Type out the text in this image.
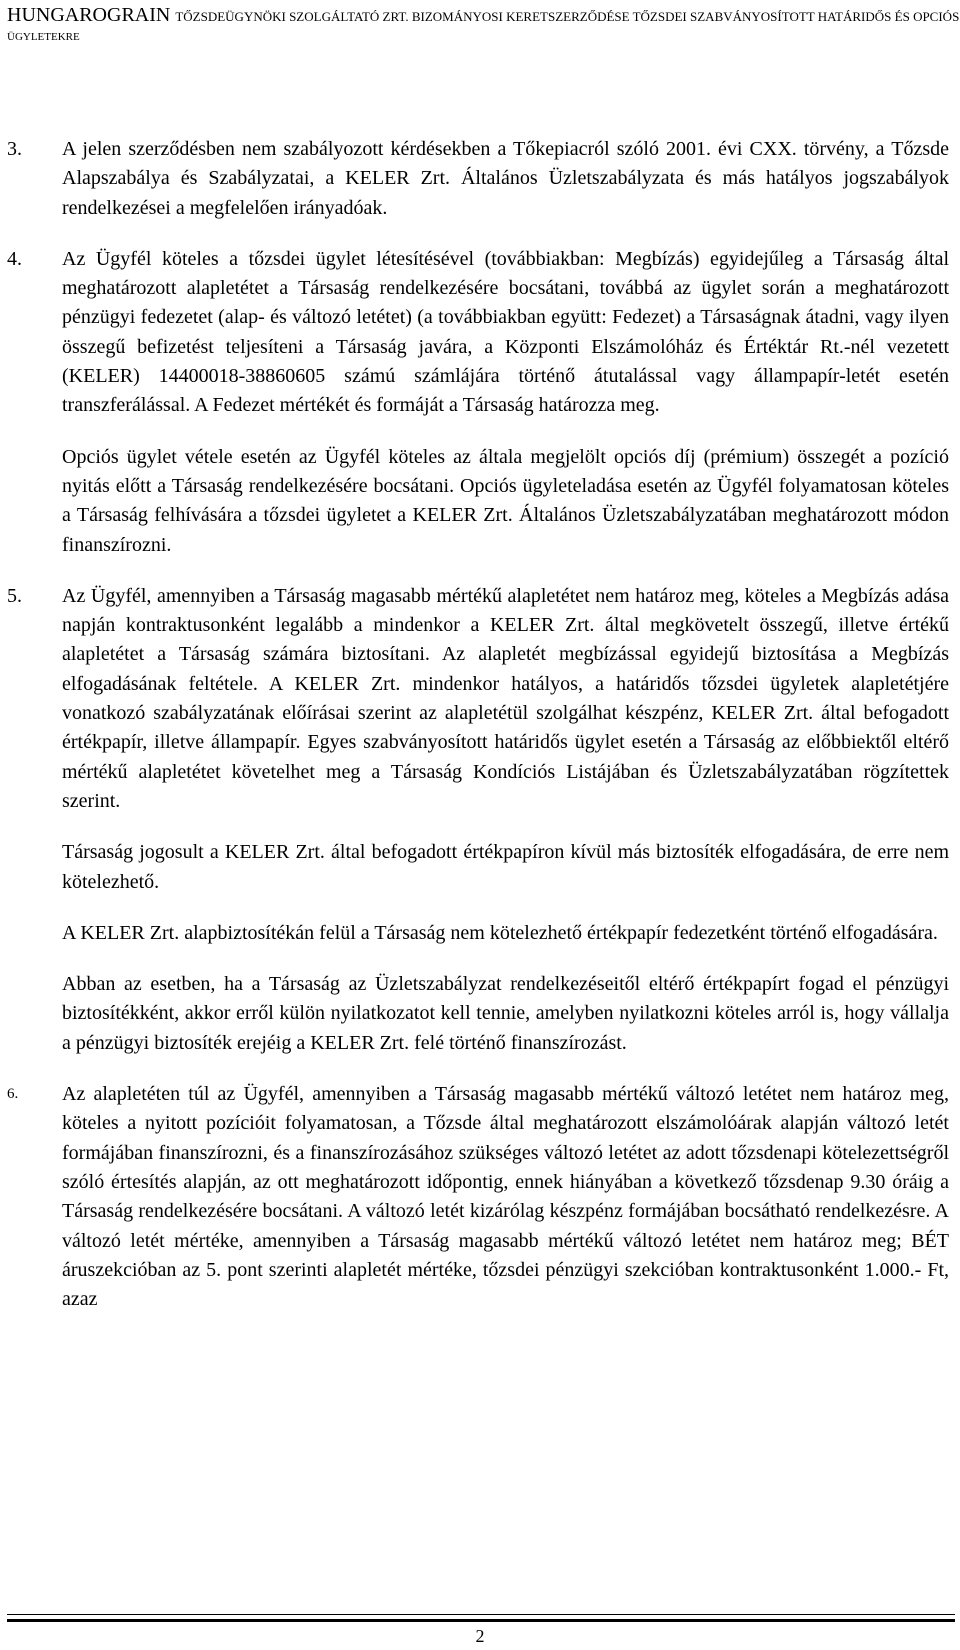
HUNGAROGRAIN TŐZSDEÜGYNÖKI SZOLGÁLTATÓ ZRT. BIZOMÁNYOSI KERETSZERZŐDÉSE TŐZSDEI SZABVÁNYOSÍTOTT HATÁRIDŐS ÉS OPCIÓS
ÜGYLETEKRE
3. A jelen szerződésben nem szabályozott kérdésekben a Tőkepiacról szóló 2001. évi CXX. törvény, a Tőzsde Alapszabálya és Szabályzatai, a KELER Zrt. Általános Üzletszabályzata és más hatályos jogszabályok rendelkezései a megfelelően irányadóak.

4. Az Ügyfél köteles a tőzsdei ügylet létesítésével (továbbiakban: Megbízás) egyidejűleg a Társaság által meghatározott alapletétet a Társaság rendelkezésére bocsátani, továbbá az ügylet során a meghatározott pénzügyi fedezetet (alap- és változó letétet) (a továbbiakban együtt: Fedezet) a Társaságnak átadni, vagy ilyen összegű befizetést teljesíteni a Társaság javára, a Központi Elszámolóház és Értéktár Rt.-nél vezetett (KELER) 14400018-38860605 számú számlájára történő átutalással vagy állampapír-letét esetén transzferálással. A Fedezet mértékét és formáját a Társaság határozza meg.

Opciós ügylet vétele esetén az Ügyfél köteles az általa megjelölt opciós díj (prémium) összegét a pozíció nyitás előtt a Társaság rendelkezésére bocsátani. Opciós ügyleteladása esetén az Ügyfél folyamatosan köteles a Társaság felhívására a tőzsdei ügyletet a KELER Zrt. Általános Üzletszabályzatában meghatározott módon finanszírozni.

5. Az Ügyfél, amennyiben a Társaság magasabb mértékű alapletétet nem határoz meg, köteles a Megbízás adása napján kontraktusonként legalább a mindenkor a KELER Zrt. által megkövetelt összegű, illetve értékű alapletétet a Társaság számára biztosítani. Az alapletét megbízással egyidejű biztosítása a Megbízás elfogadásának feltétele. A KELER Zrt. mindenkor hatályos, a határidős tőzsdei ügyletek alapletétjére vonatkozó szabályzatának előírásai szerint az alapletétül szolgálhat készpénz, KELER Zrt. által befogadott értékpapír, illetve állampapír. Egyes szabványosított határidős ügylet esetén a Társaság az előbbiektől eltérő mértékű alapletétet követelhet meg a Társaság Kondíciós Listájában és Üzletszabályzatában rögzítettek szerint.

Társaság jogosult a KELER Zrt. által befogadott értékpapíron kívül más biztosíték elfogadására, de erre nem kötelezhető.

A KELER Zrt. alapbiztosítékán felül a Társaság nem kötelezhető értékpapír fedezetként történő elfogadására.

Abban az esetben, ha a Társaság az Üzletszabályzat rendelkezéseitől eltérő értékpapírt fogad el pénzügyi biztosítékként, akkor erről külön nyilatkozatot kell tennie, amelyben nyilatkozni köteles arról is, hogy vállalja a pénzügyi biztosíték erejéig a KELER Zrt. felé történő finanszírozást.

6. Az alapletéten túl az Ügyfél, amennyiben a Társaság magasabb mértékű változó letétet nem határoz meg, köteles a nyitott pozícióit folyamatosan, a Tőzsde által meghatározott elszámolóárak alapján változó letét formájában finanszírozni, és a finanszírozásához szükséges változó letétet az adott tőzsdenapi kötelezettségről szóló értesítés alapján, az ott meghatározott időpontig, ennek hiányában a következő tőzsdenap 9.30 óráig a Társaság rendelkezésére bocsátani. A változó letét kizárólag készpénz formájában bocsátható rendelkezésre. A változó letét mértéke, amennyiben a Társaság magasabb mértékű változó letétet nem határoz meg; BÉT áruszekcióban az 5. pont szerinti alapletét mértéke, tőzsdei pénzügyi szekcióban kontraktusonként 1.000.- Ft, azaz

2
